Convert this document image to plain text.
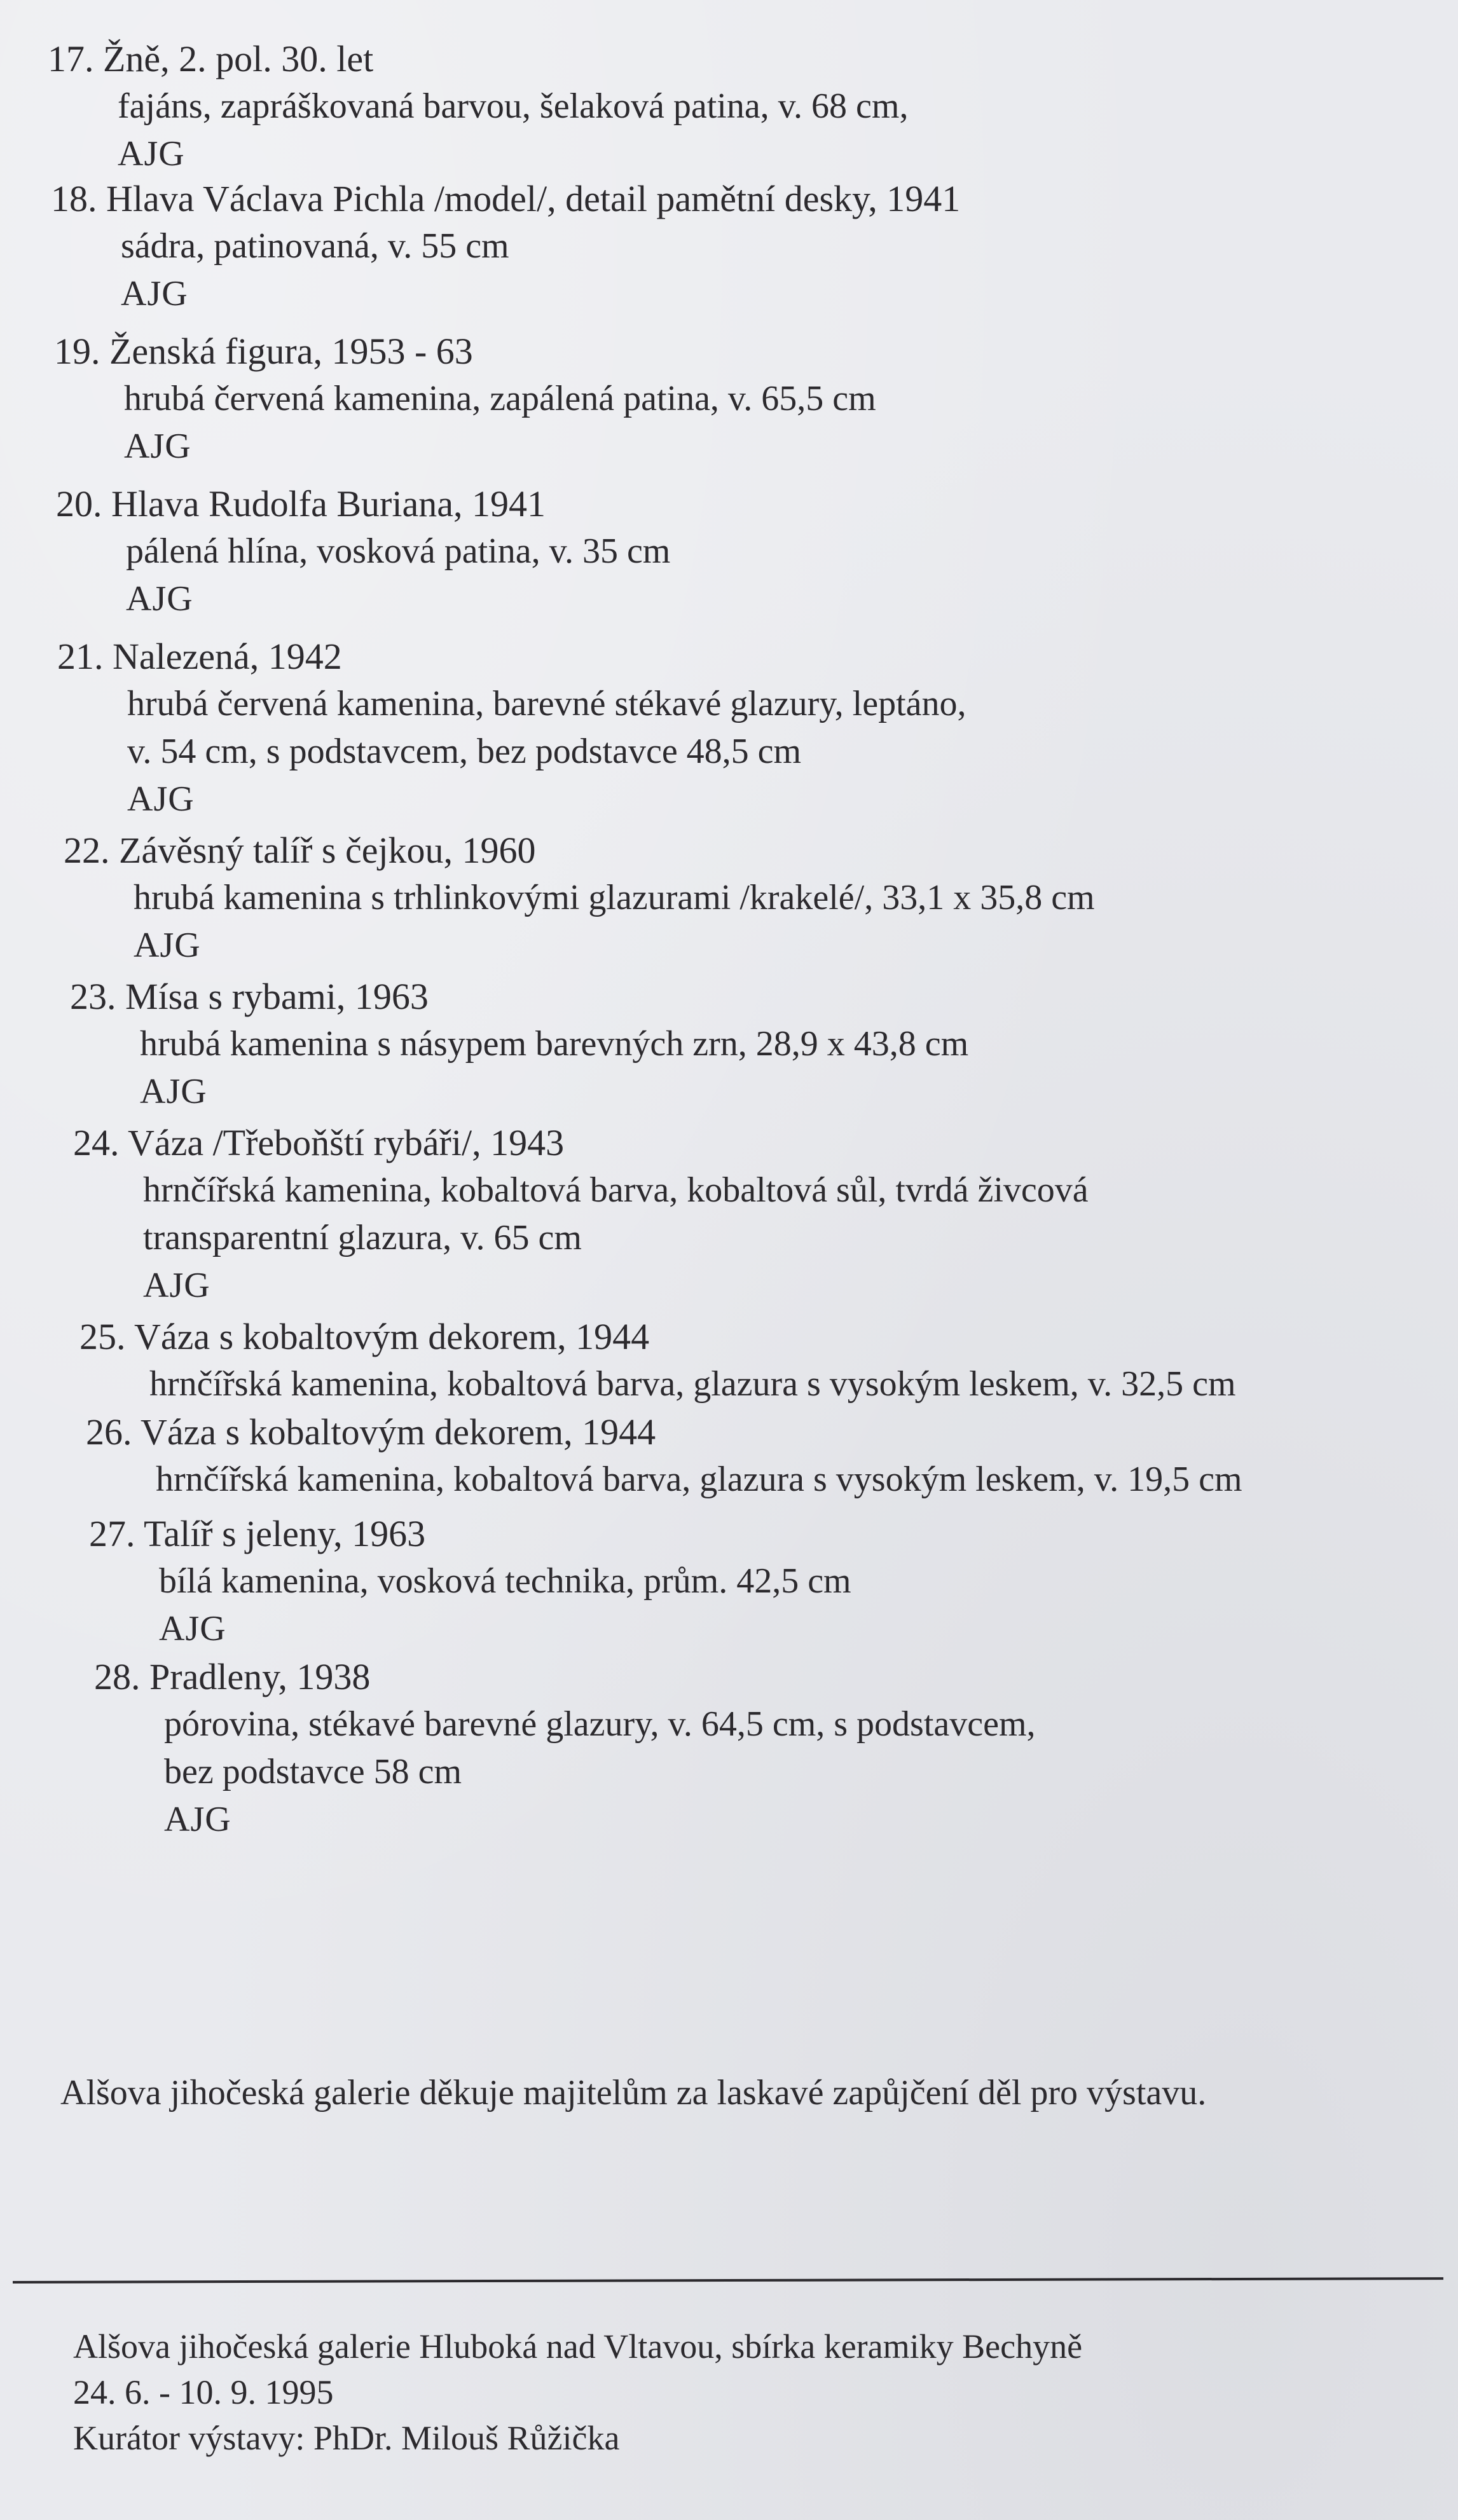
17. Žně, 2. pol. 30. let
fajáns, zapráškovaná barvou, šelaková patina, v. 68 cm,
AJG
18. Hlava Václava Pichla /model/, detail pamětní desky, 1941
sádra, patinovaná, v. 55 cm
AJG
19. Ženská figura, 1953 - 63
hrubá červená kamenina, zapálená patina, v. 65,5 cm
AJG
20. Hlava Rudolfa Buriana, 1941
pálená hlína, vosková patina, v. 35 cm
AJG
21. Nalezená, 1942
hrubá červená kamenina, barevné stékavé glazury, leptáno,
v. 54 cm, s podstavcem, bez podstavce 48,5 cm
AJG
22. Závěsný talíř s čejkou, 1960
hrubá kamenina s trhlinkovými glazurami /krakelé/, 33,1 x 35,8 cm
AJG
23. Mísa s rybami, 1963
hrubá kamenina s násypem barevných zrn, 28,9 x 43,8 cm
AJG
24. Váza /Třeboňští rybáři/, 1943
hrnčířská kamenina, kobaltová barva, kobaltová sůl, tvrdá živcová
transparentní glazura, v. 65 cm
AJG
25. Váza s kobaltovým dekorem, 1944
hrnčířská kamenina, kobaltová barva, glazura s vysokým leskem, v. 32,5 cm
26. Váza s kobaltovým dekorem, 1944
hrnčířská kamenina, kobaltová barva, glazura s vysokým leskem, v. 19,5 cm
27. Talíř s jeleny, 1963
bílá kamenina, vosková technika, prům. 42,5 cm
AJG
28. Pradleny, 1938
pórovina, stékavé barevné glazury, v. 64,5 cm, s podstavcem,
bez podstavce 58 cm
AJG
Alšova jihočeská galerie děkuje majitelům za laskavé zapůjčení děl pro výstavu.
Alšova jihočeská galerie Hluboká nad Vltavou, sbírka keramiky Bechyně
24. 6. - 10. 9. 1995
Kurátor výstavy: PhDr. Milouš Růžička
